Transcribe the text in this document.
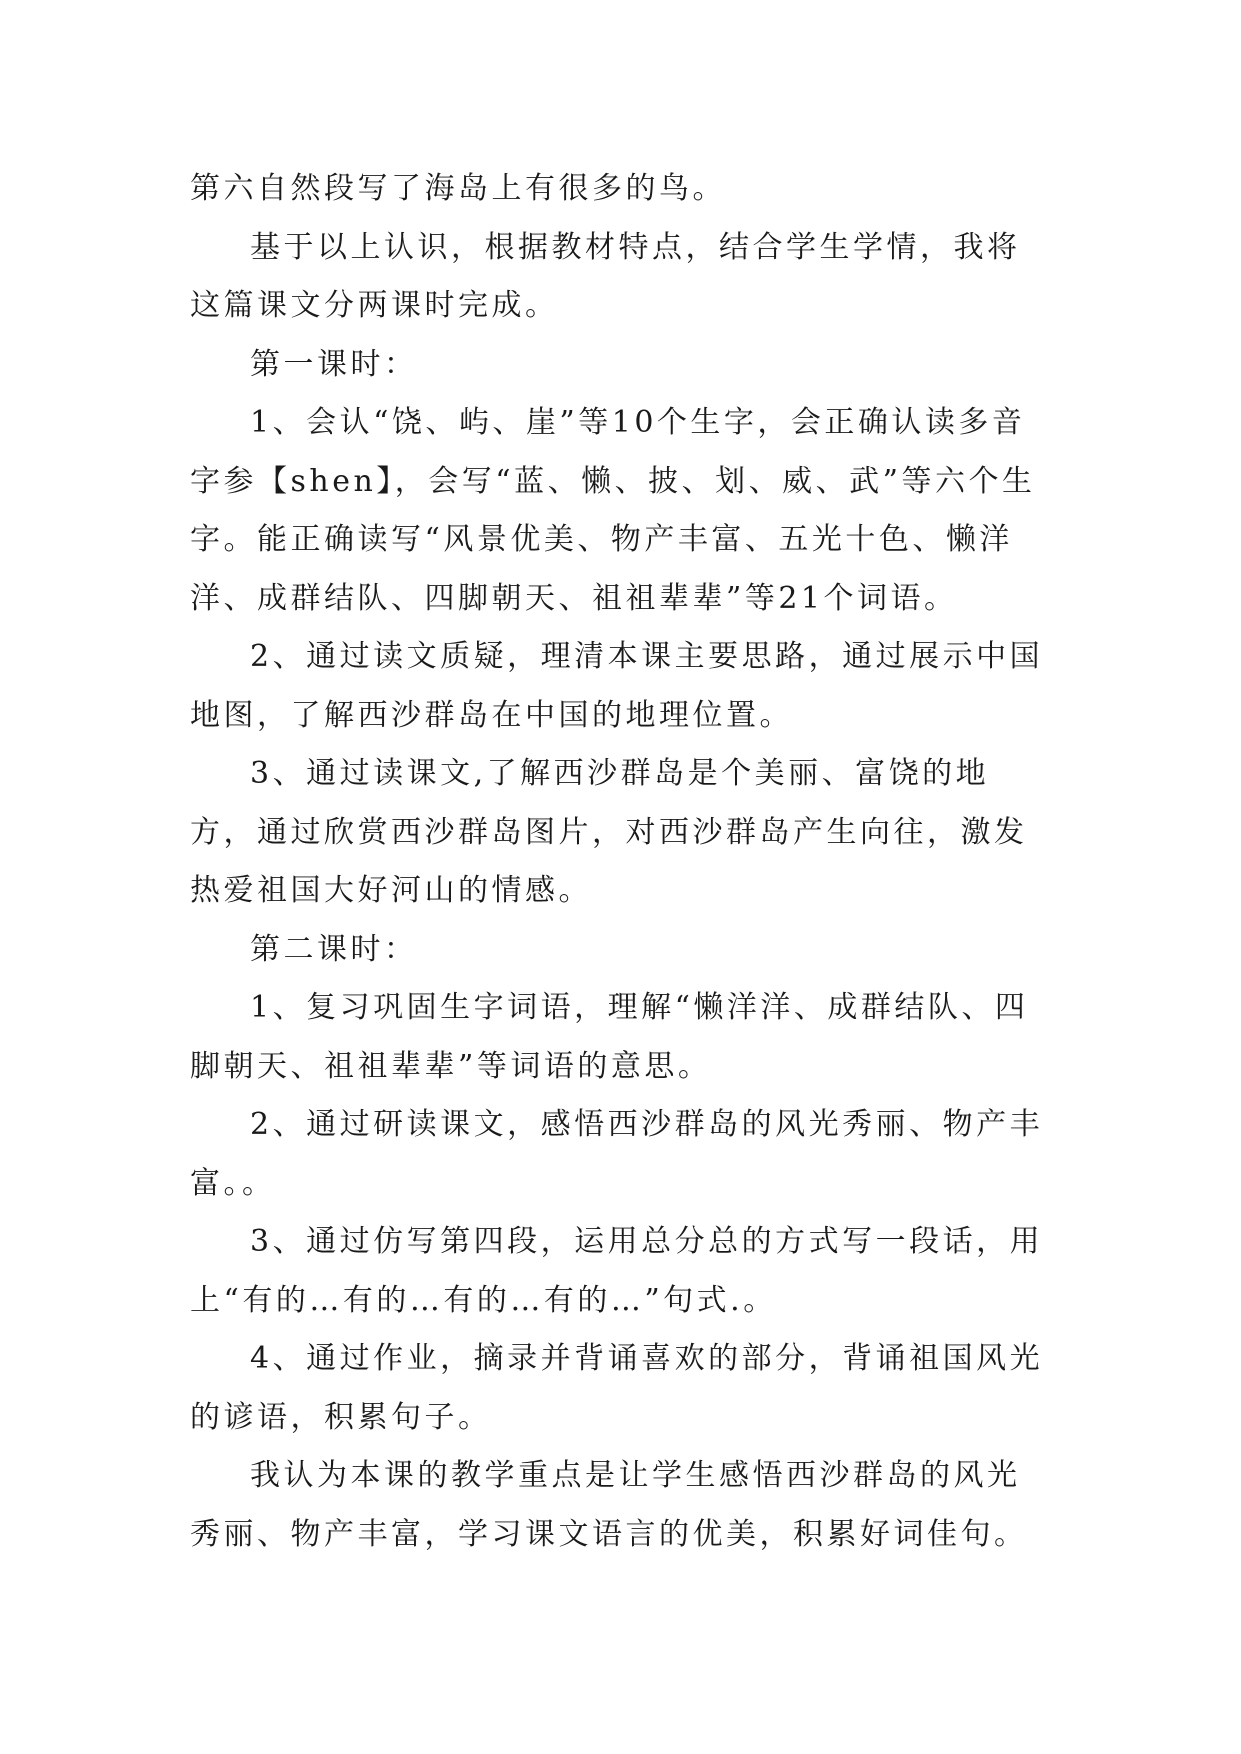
第六自然段写了海岛上有很多的鸟。

基于以上认识，根据教材特点，结合学生学情，我将这篇课文分两课时完成。

第一课时：

1、会认“饶、屿、崖”等10个生字，会正确认读多音字参【shen】，会写“蓝、懒、披、划、威、武”等六个生字。能正确读写“风景优美、物产丰富、五光十色、懒洋洋、成群结队、四脚朝天、祖祖辈辈”等21个词语。

2、通过读文质疑，理清本课主要思路，通过展示中国地图，了解西沙群岛在中国的地理位置。

3、通过读课文,了解西沙群岛是个美丽、富饶的地方，通过欣赏西沙群岛图片，对西沙群岛产生向往，激发热爱祖国大好河山的情感。

第二课时：

1、复习巩固生字词语，理解“懒洋洋、成群结队、四脚朝天、祖祖辈辈”等词语的意思。

2、通过研读课文，感悟西沙群岛的风光秀丽、物产丰富。。

3、通过仿写第四段，运用总分总的方式写一段话，用上“有的…有的…有的…有的…”句式.。

4、通过作业，摘录并背诵喜欢的部分，背诵祖国风光的谚语，积累句子。

我认为本课的教学重点是让学生感悟西沙群岛的风光秀丽、物产丰富，学习课文语言的优美，积累好词佳句。
